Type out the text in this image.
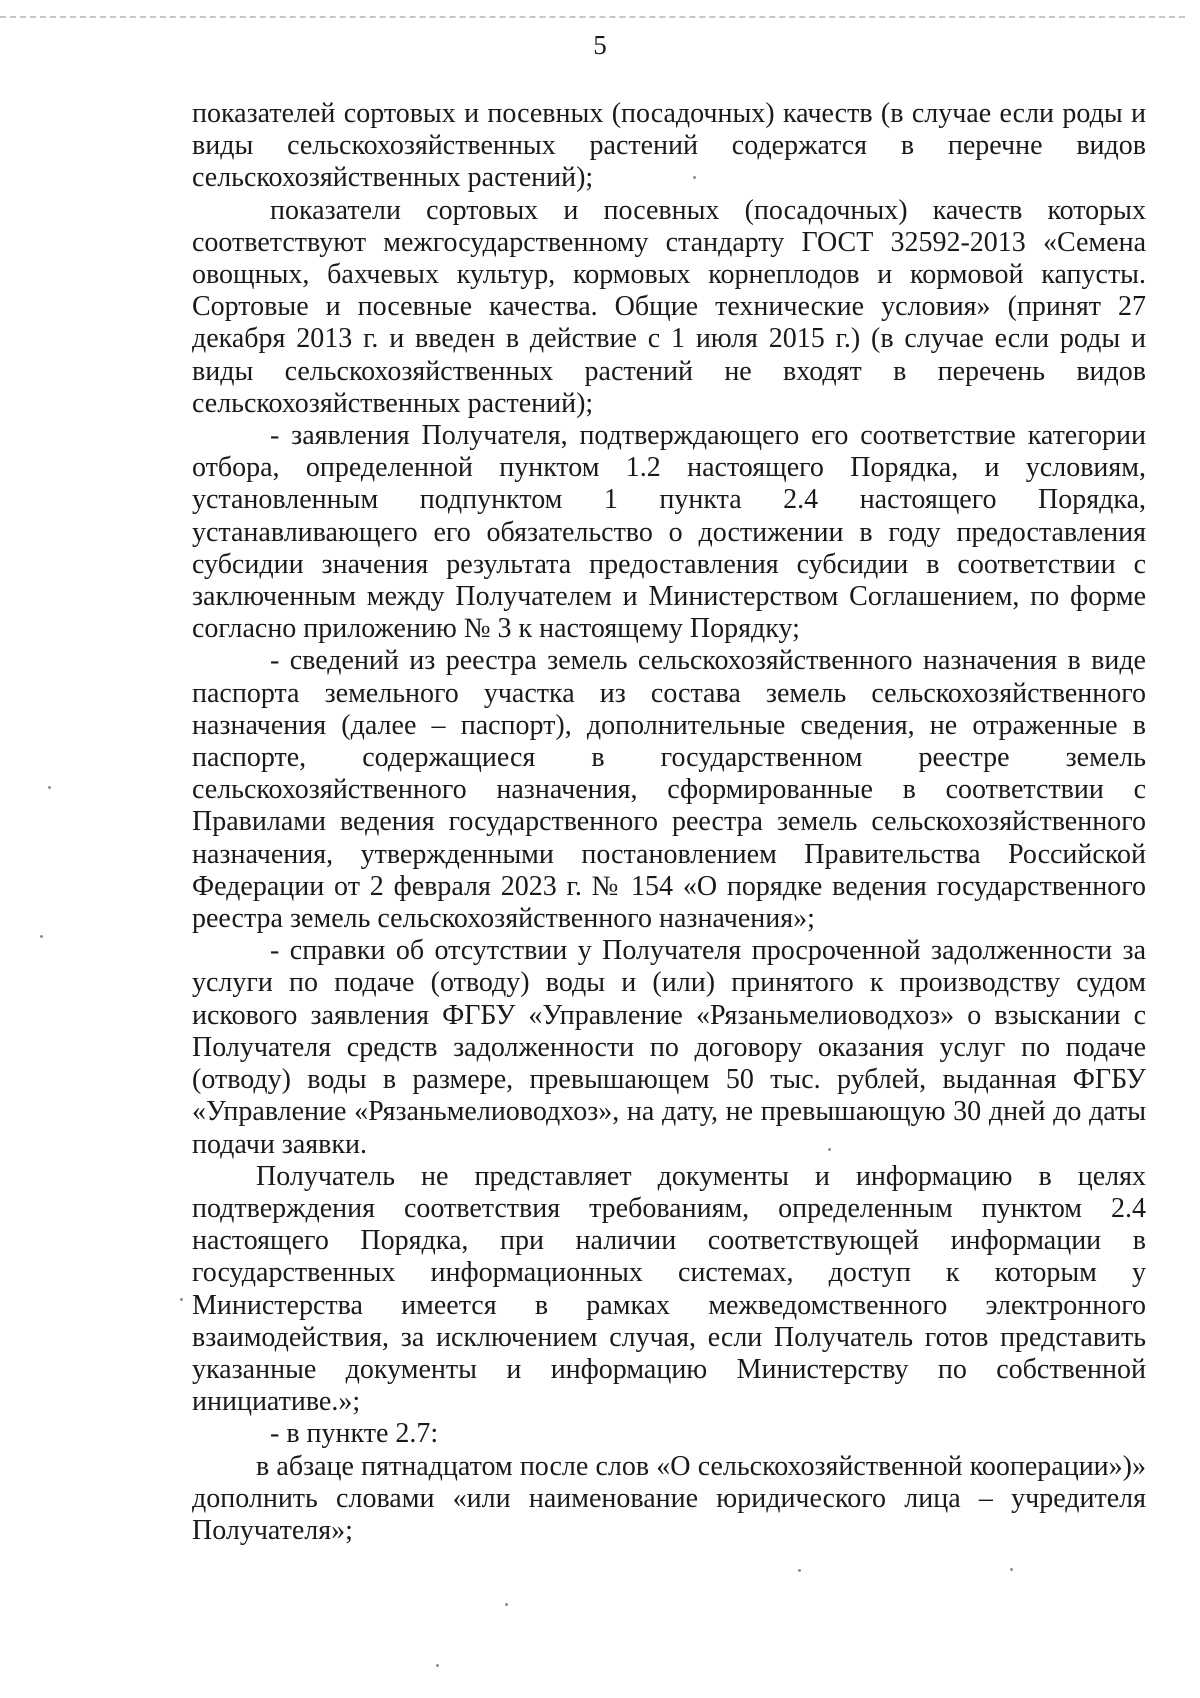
5

показателей сортовых и посевных (посадочных) качеств (в случае если роды и виды сельскохозяйственных растений содержатся в перечне видов сельскохозяйственных растений);

показатели сортовых и посевных (посадочных) качеств которых соответствуют межгосударственному стандарту ГОСТ 32592-2013 «Семена овощных, бахчевых культур, кормовых корнеплодов и кормовой капусты. Сортовые и посевные качества. Общие технические условия» (принят 27 декабря 2013 г. и введен в действие с 1 июля 2015 г.) (в случае если роды и виды сельскохозяйственных растений не входят в перечень видов сельскохозяйственных растений);

- заявления Получателя, подтверждающего его соответствие категории отбора, определенной пунктом 1.2 настоящего Порядка, и условиям, установленным подпунктом 1 пункта 2.4 настоящего Порядка, устанавливающего его обязательство о достижении в году предоставления субсидии значения результата предоставления субсидии в соответствии с заключенным между Получателем и Министерством Соглашением, по форме согласно приложению № 3 к настоящему Порядку;

- сведений из реестра земель сельскохозяйственного назначения в виде паспорта земельного участка из состава земель сельскохозяйственного назначения (далее – паспорт), дополнительные сведения, не отраженные в паспорте, содержащиеся в государственном реестре земель сельскохозяйственного назначения, сформированные в соответствии с Правилами ведения государственного реестра земель сельскохозяйственного назначения, утвержденными постановлением Правительства Российской Федерации от 2 февраля 2023 г. № 154 «О порядке ведения государственного реестра земель сельскохозяйственного назначения»;

- справки об отсутствии у Получателя просроченной задолженности за услуги по подаче (отводу) воды и (или) принятого к производству судом искового заявления ФГБУ «Управление «Рязаньмелиоводхоз» о взыскании с Получателя средств задолженности по договору оказания услуг по подаче (отводу) воды в размере, превышающем 50 тыс. рублей, выданная ФГБУ «Управление «Рязаньмелиоводхоз», на дату, не превышающую 30 дней до даты подачи заявки.

Получатель не представляет документы и информацию в целях подтверждения соответствия требованиям, определенным пунктом 2.4 настоящего Порядка, при наличии соответствующей информации в государственных информационных системах, доступ к которым у Министерства имеется в рамках межведомственного электронного взаимодействия, за исключением случая, если Получатель готов представить указанные документы и информацию Министерству по собственной инициативе.»;

- в пункте 2.7:

в абзаце пятнадцатом после слов «О сельскохозяйственной кооперации»)» дополнить словами «или наименование юридического лица – учредителя Получателя»;
